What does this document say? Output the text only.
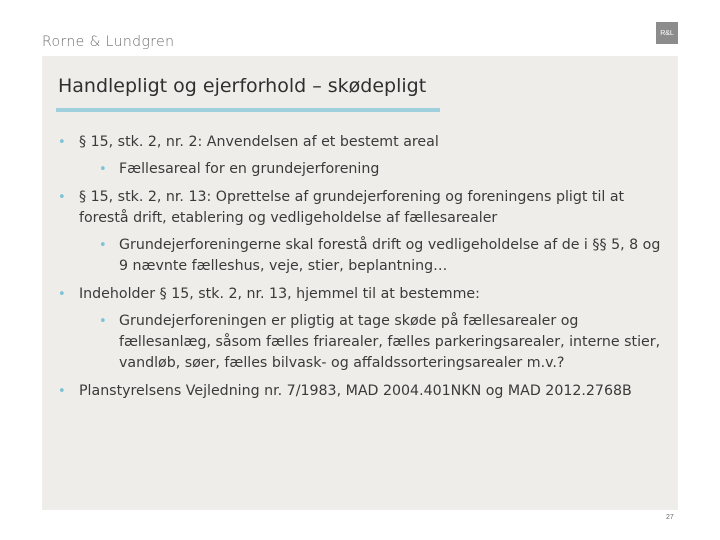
Rorne & Lundgren
R&L
Handlepligt og ejerforhold – skødepligt
• § 15, stk. 2, nr. 2: Anvendelsen af et bestemt areal
• Fællesareal for en grundejerforening
• § 15, stk. 2, nr. 13: Oprettelse af grundejerforening og foreningens pligt til at forestå drift, etablering og vedligeholdelse af fællesarealer
• Grundejerforeningerne skal forestå drift og vedligeholdelse af de i §§ 5, 8 og 9 nævnte fælleshus, veje, stier, beplantning…
• Indeholder § 15, stk. 2, nr. 13, hjemmel til at bestemme:
• Grundejerforeningen er pligtig at tage skøde på fællesarealer og fællesanlæg, såsom fælles friarealer, fælles parkeringsarealer, interne stier, vandløb, søer, fælles bilvask- og affaldssorteringsarealer m.v.?
• Planstyrelsens Vejledning nr. 7/1983, MAD 2004.401NKN og MAD 2012.2768B
27
